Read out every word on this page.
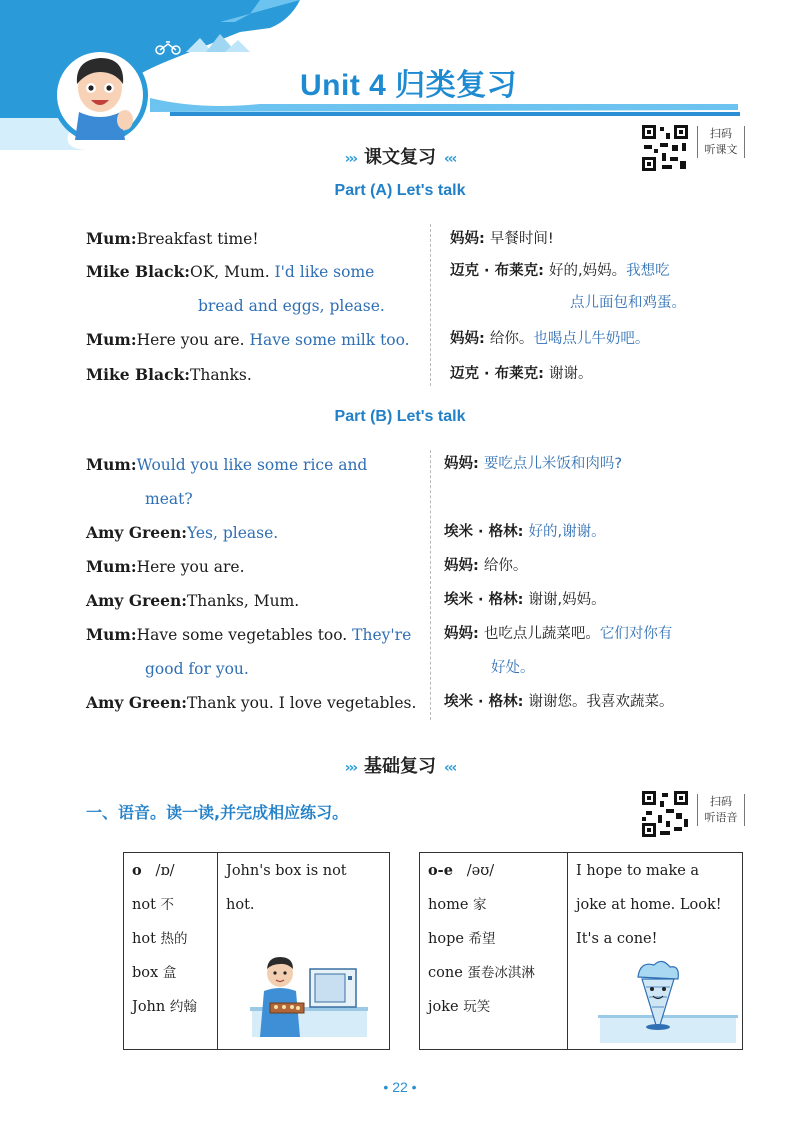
Unit 4 归类复习
扫码
听课文
››› 课文复习 ‹‹‹
Part (A) Let's talk
Mum:Breakfast time!
Mike Black:OK, Mum. I'd like some
bread and eggs, please.
Mum:Here you are. Have some milk too.
Mike Black:Thanks.
妈妈: 早餐时间!
迈克 · 布莱克: 好的,妈妈。我想吃
点儿面包和鸡蛋。
妈妈: 给你。也喝点儿牛奶吧。
迈克 · 布莱克: 谢谢。
Part (B) Let's talk
Mum:Would you like some rice and
meat?
Amy Green:Yes, please.
Mum:Here you are.
Amy Green:Thanks, Mum.
Mum:Have some vegetables too. They're
good for you.
Amy Green:Thank you. I love vegetables.
妈妈: 要吃点儿米饭和肉吗?
埃米 · 格林: 好的,谢谢。
妈妈: 给你。
埃米 · 格林: 谢谢,妈妈。
妈妈: 也吃点儿蔬菜吧。它们对你有
好处。
埃米 · 格林: 谢谢您。我喜欢蔬菜。
››› 基础复习 ‹‹‹
扫码
听语音
一、语音。读一读,并完成相应练习。
o /ɒ/
not 不
hot 热的
box 盒
John 约翰
John's box is not
hot.
o-e /əʊ/
home 家
hope 希望
cone 蛋卷冰淇淋
joke 玩笑
I hope to make a
joke at home. Look!
It's a cone!
• 22 •
